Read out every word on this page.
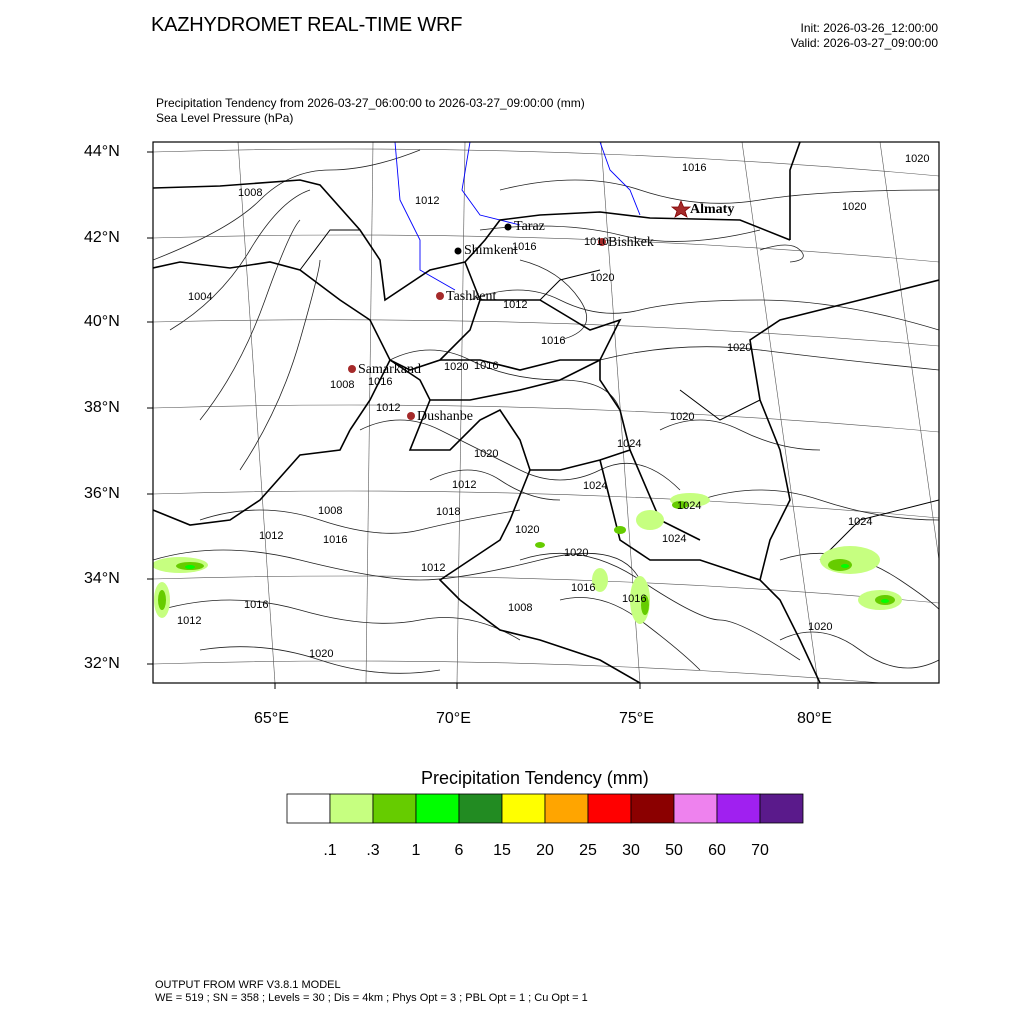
KAZHYDROMET REAL-TIME WRF	Init: 2026-03-26_12:00:00
Valid: 2026-03-27_09:00:00
Precipitation Tendency from 2026-03-27_06:00:00 to 2026-03-27_09:00:00 (mm)
Sea Level Pressure (hPa)
1016
1020
1008
1012	1020
1016	1010
1020
1004
1012
1016
1020
1020
1008 1016
1020
1012
1020
1024
1020
1024
1024
1012
1018
1024
1008
1012	1016
1020
1020
1024
1012
1016
1016	1008
1016
1012
1020
1016
Taraz
Shimkent
Bishkek
Almaty
Tashkent
Samarkand
Dushanbe
44°N
42°N
40°N
38°N
36°N
34°N
32°N
65°E	70°E	75°E	80°E
Precipitation Tendency (mm)
.1 .3 1 6 15 20 25 30 50 60 70
OUTPUT FROM WRF V3.8.1 MODEL
WE = 519 ; SN = 358 ; Levels = 30 ; Dis = 4km ; Phys Opt = 3 ; PBL Opt = 1 ; Cu Opt = 1
